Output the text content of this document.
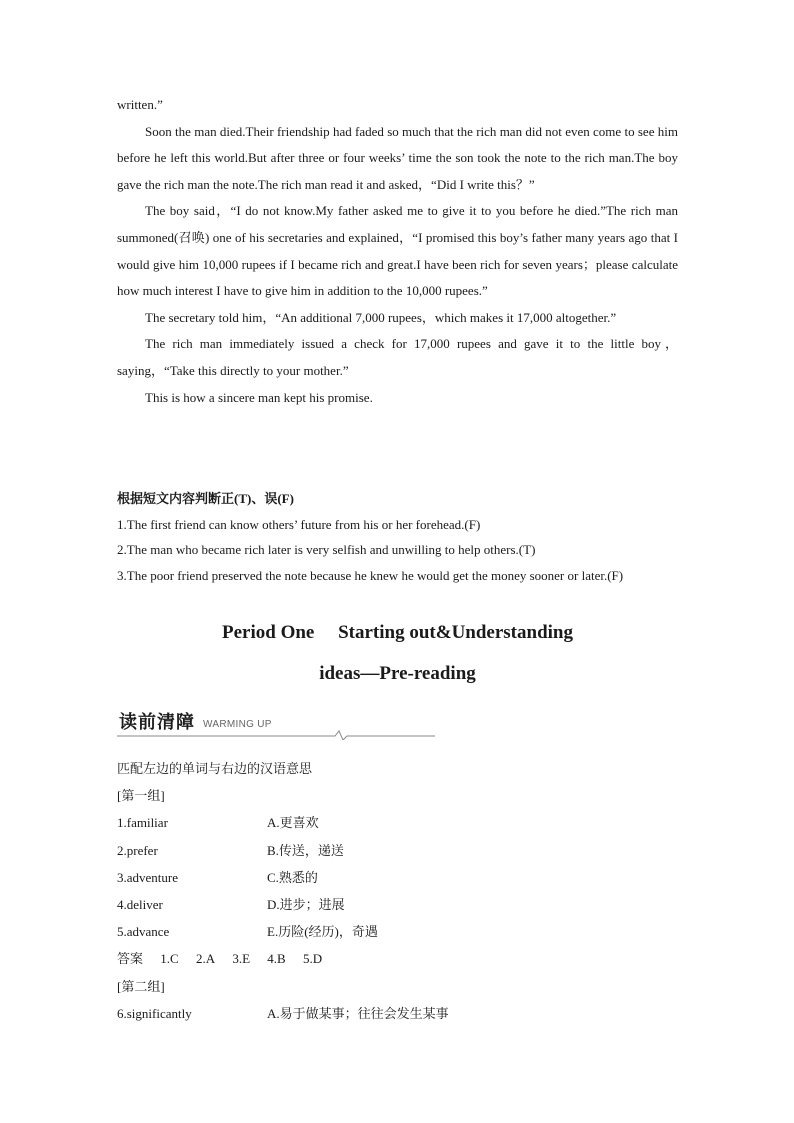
written.”

Soon the man died.Their friendship had faded so much that the rich man did not even come to see him before he left this world.But after three or four weeks’ time the son took the note to the rich man.The boy gave the rich man the note.The rich man read it and asked，“Did I write this？”

The boy said，“I do not know.My father asked me to give it to you before he died.”The rich man summoned(召唤) one of his secretaries and explained，“I promised this boy’s father many years ago that I would give him 10,000 rupees if I became rich and great.I have been rich for seven years；please calculate how much interest I have to give him in addition to the 10,000 rupees.”

The secretary told him，“An additional 7,000 rupees，which makes it 17,000 altogether.”

The rich man immediately issued a check for 17,000 rupees and gave it to the little boy，saying，“Take this directly to your mother.”

This is how a sincere man kept his promise.

根据短文内容判断正(T)、误(F)
1.The first friend can know others’ future from his or her forehead.(F)
2.The man who became rich later is very selfish and unwilling to help others.(T)
3.The poor friend preserved the note because he knew he would get the money sooner or later.(F)
Period One　 Starting out&Understanding
ideas—Pre-reading
读前清障 WARMING UP
匹配左边的单词与右边的汉语意思
[第一组]
1.familiar	A.更喜欢
2.prefer	B.传送，递送
3.adventure	C.熟悉的
4.deliver	D.进步；进展
5.advance	E.历险(经历)，奇遇
答案 1.C 2.A 3.E 4.B 5.D
[第二组]
6.significantly	A.易于做某事；往往会发生某事
